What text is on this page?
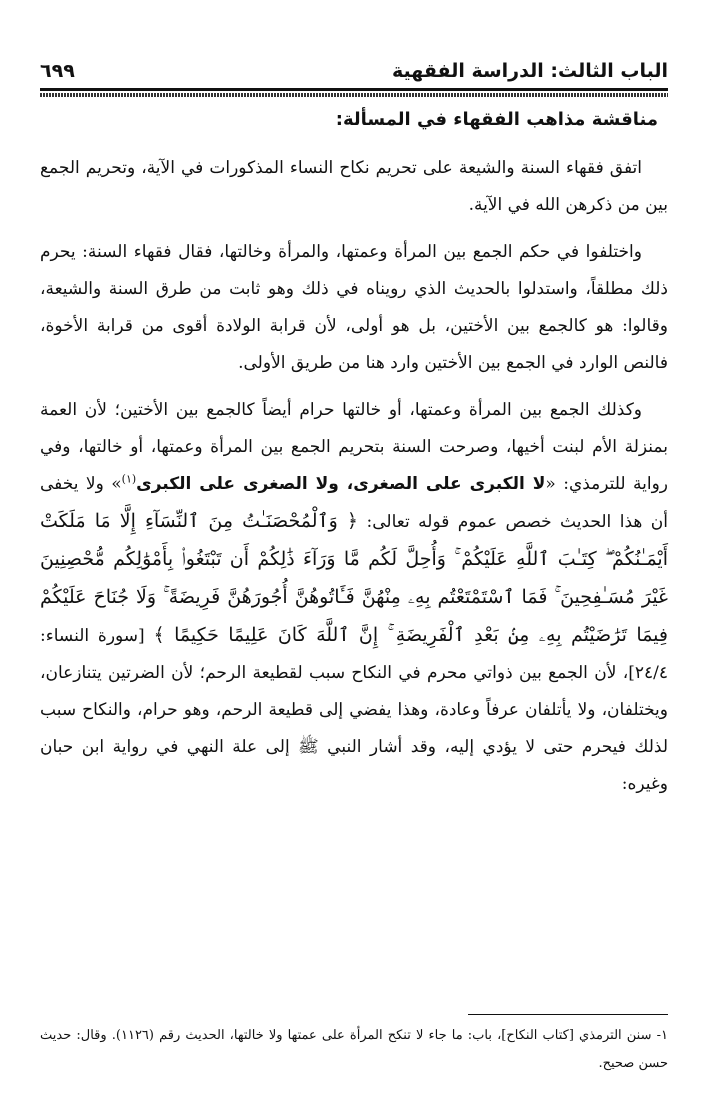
الباب الثالث: الدراسة الفقهية
٦٩٩

مناقشة مذاهب الفقهاء في المسألة:

اتفق فقهاء السنة والشيعة على تحريم نكاح النساء المذكورات في الآية، وتحريم الجمع بين من ذكرهن الله في الآية.

واختلفوا في حكم الجمع بين المرأة وعمتها، والمرأة وخالتها، فقال فقهاء السنة: يحرم ذلك مطلقاً، واستدلوا بالحديث الذي رويناه في ذلك وهو ثابت من طرق السنة والشيعة، وقالوا: هو كالجمع بين الأختين، بل هو أولى، لأن قرابة الولادة أقوى من قرابة الأخوة، فالنص الوارد في الجمع بين الأختين وارد هنا من طريق الأولى.

وكذلك الجمع بين المرأة وعمتها، أو خالتها حرام أيضاً كالجمع بين الأختين؛ لأن العمة بمنزلة الأم لبنت أخيها، وصرحت السنة بتحريم الجمع بين المرأة وعمتها، أو خالتها، وفي رواية للترمذي: «لا الكبرى على الصغرى، ولا الصغرى على الكبرى$^{(١)}$» ولا يخفى أن هذا الحديث خصص عموم قوله تعالى: ﴿ وَٱلْمُحْصَنَـٰتُ مِنَ ٱلنِّسَآءِ إِلَّا مَا مَلَكَتْ أَيْمَـٰنُكُمْ ۖ كِتَـٰبَ ٱللَّهِ عَلَيْكُمْ ۚ وَأُحِلَّ لَكُم مَّا وَرَآءَ ذَٰلِكُمْ أَن تَبْتَغُوا۟ بِأَمْوَٰلِكُم مُّحْصِنِينَ غَيْرَ مُسَـٰفِحِينَ ۚ فَمَا ٱسْتَمْتَعْتُم بِهِۦ مِنْهُنَّ فَـَٔاتُوهُنَّ أُجُورَهُنَّ فَرِيضَةً ۚ وَلَا جُنَاحَ عَلَيْكُمْ فِيمَا تَرَٰضَيْتُم بِهِۦ مِنۢ بَعْدِ ٱلْفَرِيضَةِ ۚ إِنَّ ٱللَّهَ كَانَ عَلِيمًا حَكِيمًا ﴾ [سورة النساء: ٢٤/٤]، لأن الجمع بين ذواتي محرم في النكاح سبب لقطيعة الرحم؛ لأن الضرتين يتنازعان، ويختلفان، ولا يأتلفان عرفاً وعادة، وهذا يفضي إلى قطيعة الرحم، وهو حرام، والنكاح سبب لذلك فيحرم حتى لا يؤدي إليه، وقد أشار النبي ﷺ إلى علة النهي في رواية ابن حبان وغيره:

١- سنن الترمذي [كتاب النكاح]، باب: ما جاء لا تنكح المرأة على عمتها ولا خالتها، الحديث رقم (١١٢٦). وقال: حديث حسن صحيح.
